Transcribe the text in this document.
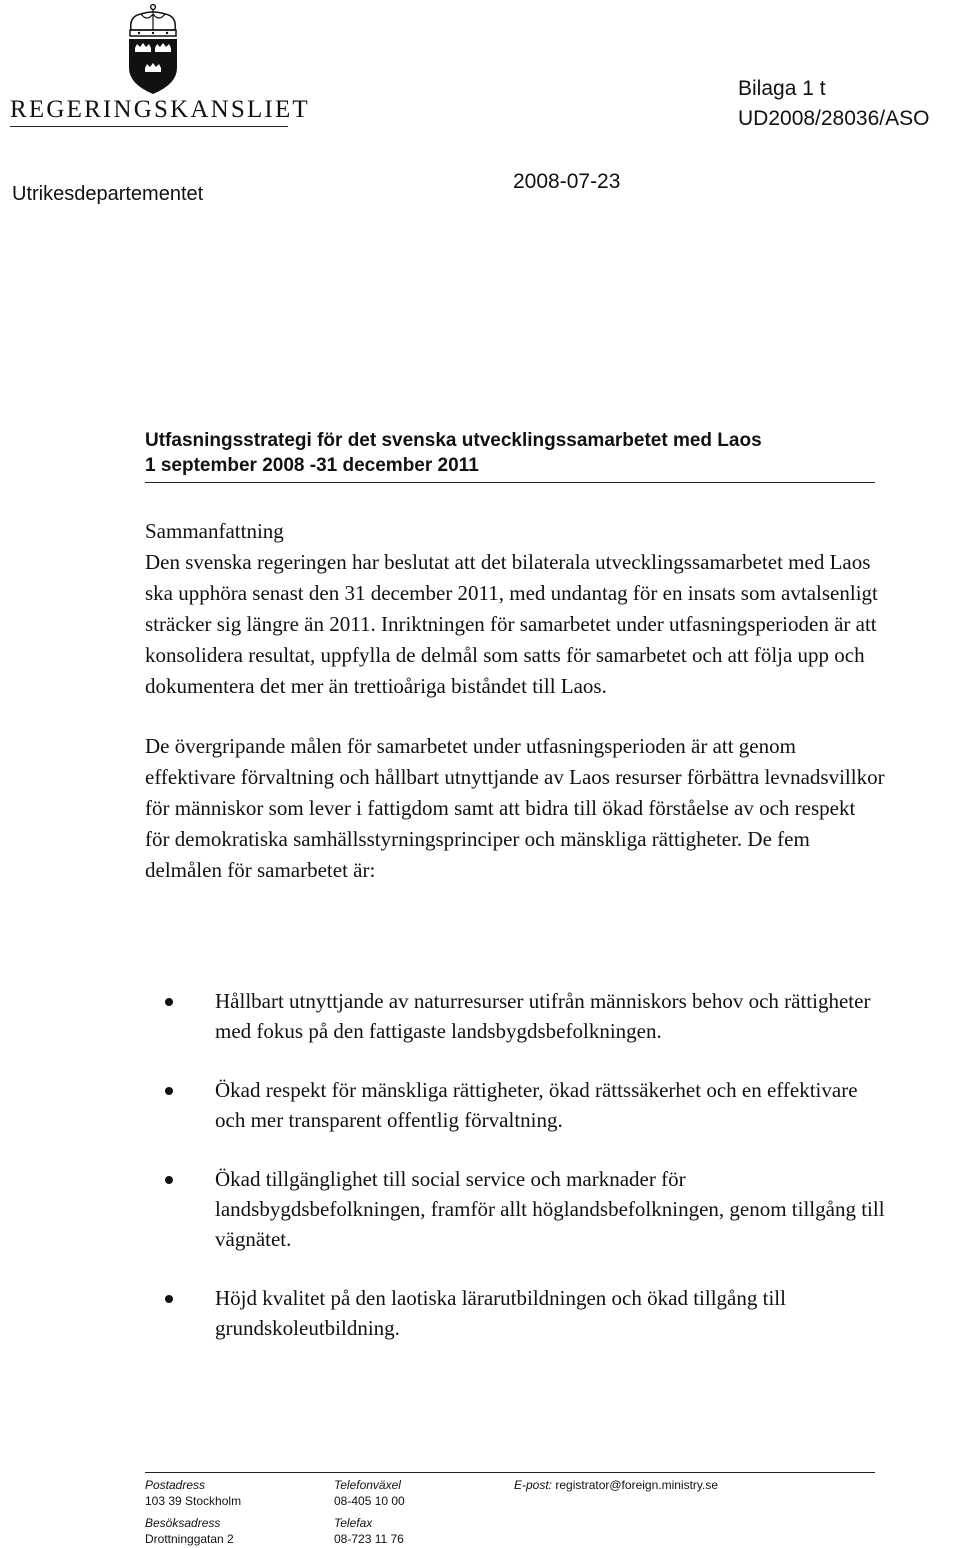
REGERINGSKANSLIET
Bilaga 1 t
UD2008/28036/ASO
Utrikesdepartementet
2008-07-23
Utfasningsstrategi för det svenska utvecklingssamarbetet med Laos
1 september 2008 -31 december 2011

Sammanfattning

Den svenska regeringen har beslutat att det bilaterala utvecklingssamarbetet med Laos ska upphöra senast den 31 december 2011, med undantag för en insats som avtalsenligt sträcker sig längre än 2011. Inriktningen för samarbetet under utfasningsperioden är att konsolidera resultat, uppfylla de delmål som satts för samarbetet och att följa upp och dokumentera det mer än trettioåriga biståndet till Laos.

De övergripande målen för samarbetet under utfasningsperioden är att genom effektivare förvaltning och hållbart utnyttjande av Laos resurser förbättra levnadsvillkor för människor som lever i fattigdom samt att bidra till ökad förståelse av och respekt för demokratiska samhällsstyrningsprinciper och mänskliga rättigheter. De fem delmålen för samarbetet är:

Hållbart utnyttjande av naturresurser utifrån människors behov och rättigheter med fokus på den fattigaste landsbygdsbefolkningen.
Ökad respekt för mänskliga rättigheter, ökad rättssäkerhet och en effektivare och mer transparent offentlig förvaltning.
Ökad tillgänglighet till social service och marknader för landsbygdsbefolkningen, framför allt höglandsbefolkningen, genom tillgång till vägnätet.
Höjd kvalitet på den laotiska lärarutbildningen och ökad tillgång till grundskoleutbildning.
Postadress
103 39 Stockholm
Besöksadress
Drottninggatan 2
Telefonväxel
08-405 10 00
Telefax
08-723 11 76
E-post: registrator@foreign.ministry.se
